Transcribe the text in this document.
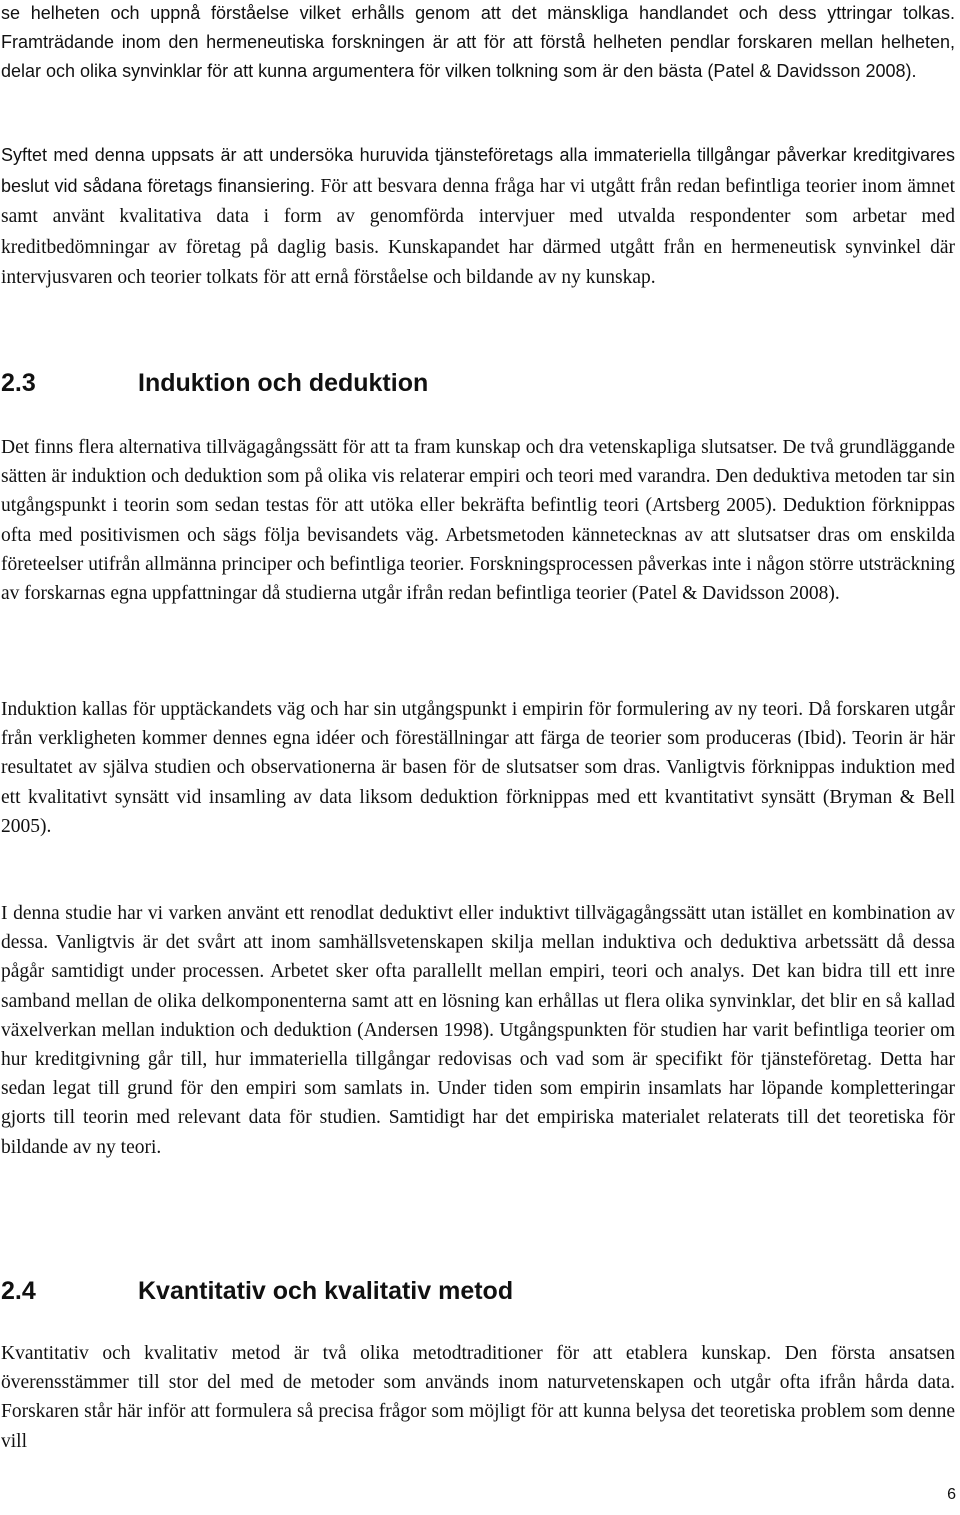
se helheten och uppnå förståelse vilket erhålls genom att det mänskliga handlandet och dess yttringar tolkas. Framträdande inom den hermeneutiska forskningen är att för att förstå helheten pendlar forskaren mellan helheten, delar och olika synvinklar för att kunna argumentera för vilken tolkning som är den bästa (Patel & Davidsson 2008).

Syftet med denna uppsats är att undersöka huruvida tjänsteföretags alla immateriella tillgångar påverkar kreditgivares beslut vid sådana företags finansiering. För att besvara denna fråga har vi utgått från redan befintliga teorier inom ämnet samt använt kvalitativa data i form av genomförda intervjuer med utvalda respondenter som arbetar med kreditbedömningar av företag på daglig basis. Kunskapandet har därmed utgått från en hermeneutisk synvinkel där intervjusvaren och teorier tolkats för att ernå förståelse och bildande av ny kunskap.

2.3	Induktion och deduktion

Det finns flera alternativa tillvägagångssätt för att ta fram kunskap och dra vetenskapliga slutsatser. De två grundläggande sätten är induktion och deduktion som på olika vis relaterar empiri och teori med varandra. Den deduktiva metoden tar sin utgångspunkt i teorin som sedan testas för att utöka eller bekräfta befintlig teori (Artsberg 2005). Deduktion förknippas ofta med positivismen och sägs följa bevisandets väg. Arbetsmetoden kännetecknas av att slutsatser dras om enskilda företeelser utifrån allmänna principer och befintliga teorier. Forskningsprocessen påverkas inte i någon större utsträckning av forskarnas egna uppfattningar då studierna utgår ifrån redan befintliga teorier (Patel & Davidsson 2008).

Induktion kallas för upptäckandets väg och har sin utgångspunkt i empirin för formulering av ny teori. Då forskaren utgår från verkligheten kommer dennes egna idéer och föreställningar att färga de teorier som produceras (Ibid). Teorin är här resultatet av själva studien och observationerna är basen för de slutsatser som dras. Vanligtvis förknippas induktion med ett kvalitativt synsätt vid insamling av data liksom deduktion förknippas med ett kvantitativt synsätt (Bryman & Bell 2005).

I denna studie har vi varken använt ett renodlat deduktivt eller induktivt tillvägagångssätt utan istället en kombination av dessa. Vanligtvis är det svårt att inom samhällsvetenskapen skilja mellan induktiva och deduktiva arbetssätt då dessa pågår samtidigt under processen. Arbetet sker ofta parallellt mellan empiri, teori och analys. Det kan bidra till ett inre samband mellan de olika delkomponenterna samt att en lösning kan erhållas ut flera olika synvinklar, det blir en så kallad växelverkan mellan induktion och deduktion (Andersen 1998). Utgångspunkten för studien har varit befintliga teorier om hur kreditgivning går till, hur immateriella tillgångar redovisas och vad som är specifikt för tjänsteföretag. Detta har sedan legat till grund för den empiri som samlats in. Under tiden som empirin insamlats har löpande kompletteringar gjorts till teorin med relevant data för studien. Samtidigt har det empiriska materialet relaterats till det teoretiska för bildande av ny teori.

2.4	Kvantitativ och kvalitativ metod

Kvantitativ och kvalitativ metod är två olika metodtraditioner för att etablera kunskap. Den första ansatsen överensstämmer till stor del med de metoder som används inom naturvetenskapen och utgår ofta ifrån hårda data. Forskaren står här inför att formulera så precisa frågor som möjligt för att kunna belysa det teoretiska problem som denne vill

6
